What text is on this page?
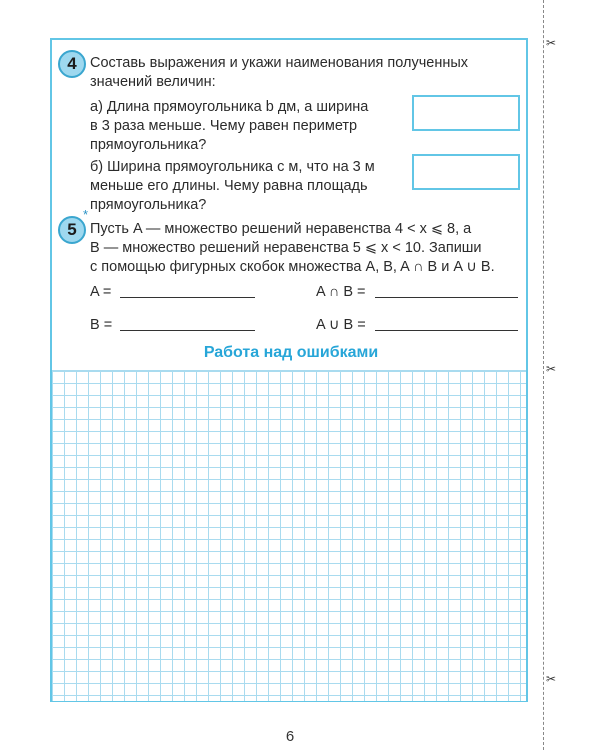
✂
✂
✂
4 Составь выражения и укажи наименования полученных
значений величин:
а) Длина прямоугольника b дм, а ширина
в 3 раза меньше. Чему равен периметр
прямоугольника?
б) Ширина прямоугольника c м, что на 3 м
меньше его длины. Чему равна площадь
прямоугольника?
5
*
Пусть A — множество решений неравенства 4 < x ⩽ 8, а
B — множество решений неравенства 5 ⩽ x < 10. Запиши
с помощью фигурных скобок множества A, B, A ∩ B и A ∪ B.
A =	A ∩ B =
B =	A ∪ B =
Работа над ошибками
6
